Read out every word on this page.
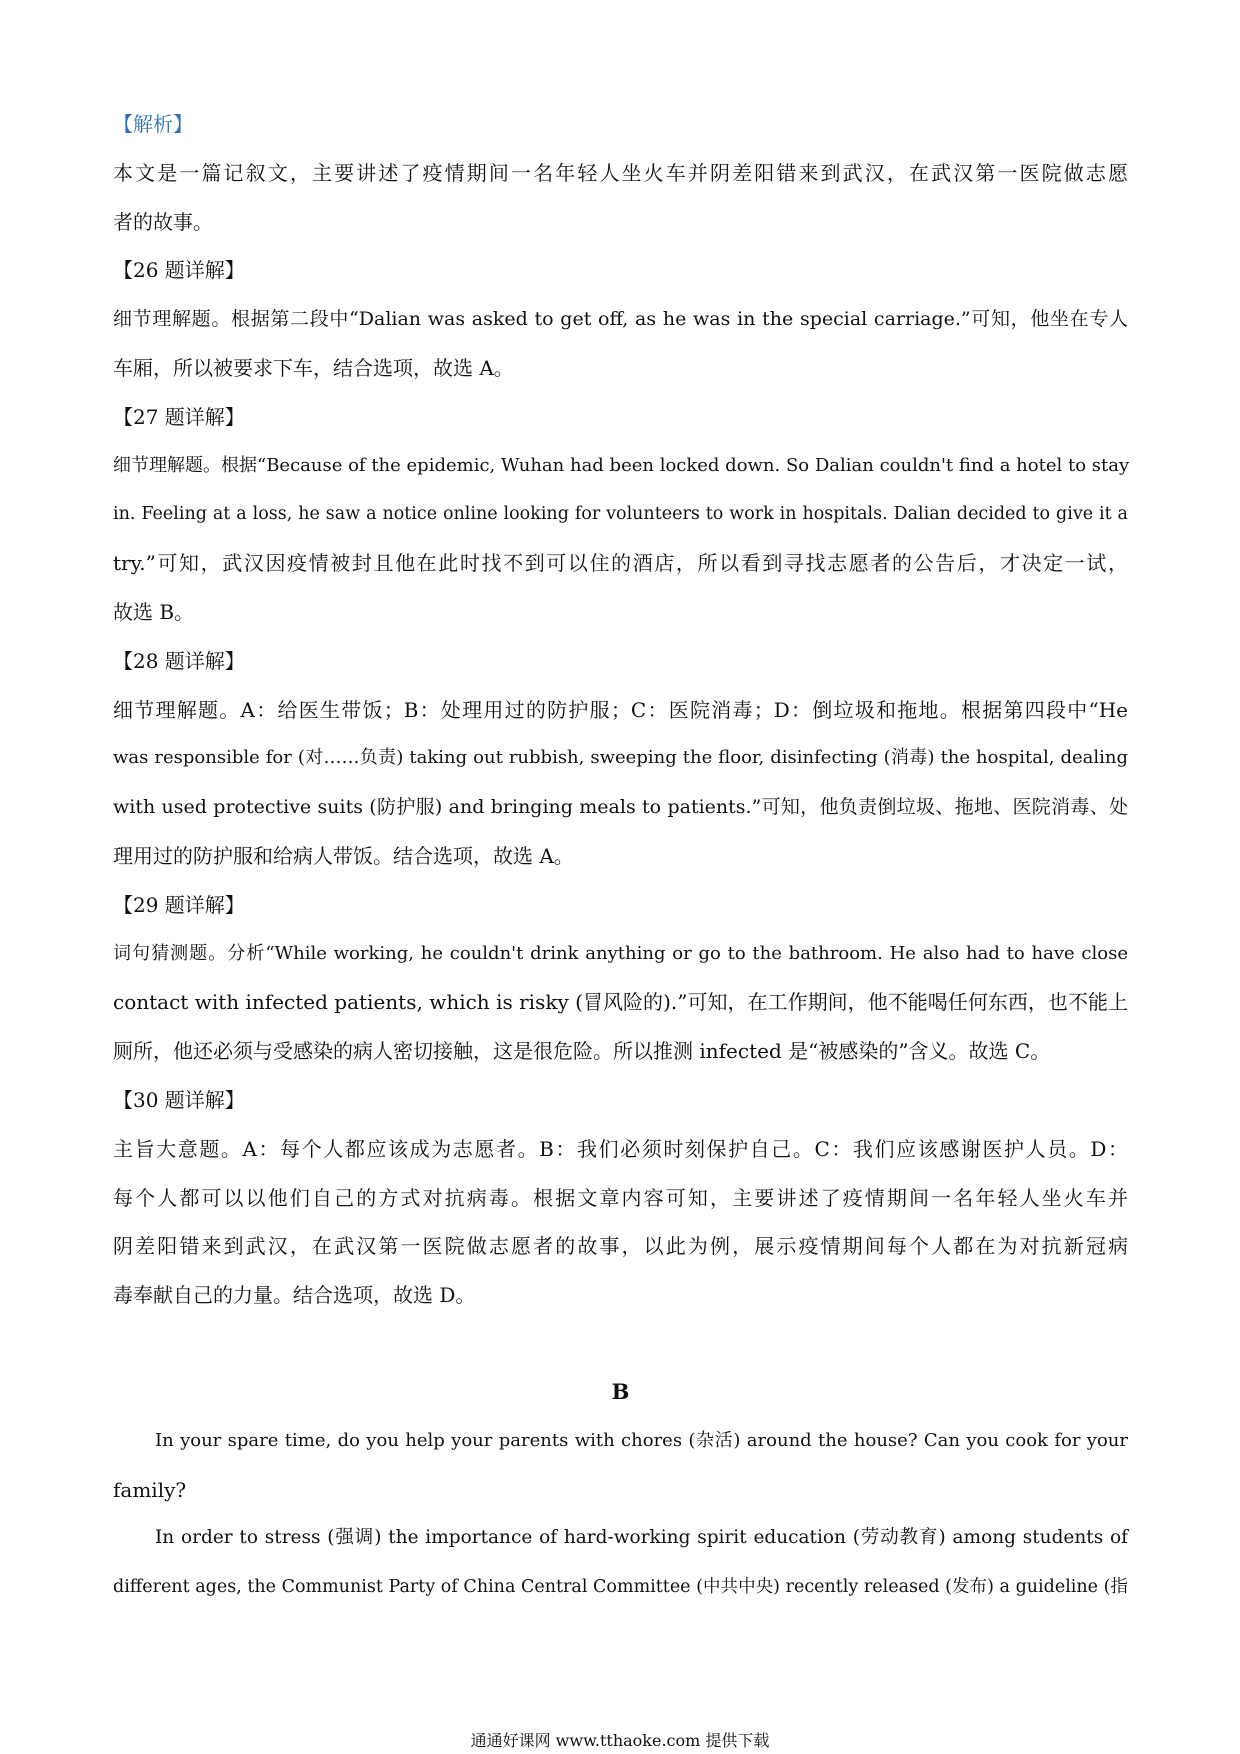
【解析】
本文是一篇记叙文，主要讲述了疫情期间一名年轻人坐火车并阴差阳错来到武汉，在武汉第一医院做志愿
者的故事。
【26 题详解】
细节理解题。根据第二段中“Dalian was asked to get off, as he was in the special carriage.”可知，他坐在专人
车厢，所以被要求下车，结合选项，故选 A。
【27 题详解】
细节理解题。根据“Because of the epidemic, Wuhan had been locked down. So Dalian couldn't find a hotel to stay
in. Feeling at a loss, he saw a notice online looking for volunteers to work in hospitals. Dalian decided to give it a
try.”可知，武汉因疫情被封且他在此时找不到可以住的酒店，所以看到寻找志愿者的公告后，才决定一试，
故选 B。
【28 题详解】
细节理解题。A：给医生带饭；B：处理用过的防护服；C：医院消毒；D：倒垃圾和拖地。根据第四段中“He
was responsible for (对……负责) taking out rubbish, sweeping the floor, disinfecting (消毒) the hospital, dealing
with used protective suits (防护服) and bringing meals to patients.”可知，他负责倒垃圾、拖地、医院消毒、处
理用过的防护服和给病人带饭。结合选项，故选 A。
【29 题详解】
词句猜测题。分析“While working, he couldn't drink anything or go to the bathroom. He also had to have close
contact with infected patients, which is risky (冒风险的).”可知，在工作期间，他不能喝任何东西，也不能上
厕所，他还必须与受感染的病人密切接触，这是很危险。所以推测 infected 是“被感染的”含义。故选 C。
【30 题详解】
主旨大意题。A：每个人都应该成为志愿者。B：我们必须时刻保护自己。C：我们应该感谢医护人员。D：
每个人都可以以他们自己的方式对抗病毒。根据文章内容可知，主要讲述了疫情期间一名年轻人坐火车并
阴差阳错来到武汉，在武汉第一医院做志愿者的故事，以此为例，展示疫情期间每个人都在为对抗新冠病
毒奉献自己的力量。结合选项，故选 D。
B
In your spare time, do you help your parents with chores (杂活) around the house? Can you cook for your
family?
In order to stress (强调) the importance of hard-working spirit education (劳动教育) among students of
different ages, the Communist Party of China Central Committee (中共中央) recently released (发布) a guideline (指
通通好课网 www.tthaoke.com 提供下载
